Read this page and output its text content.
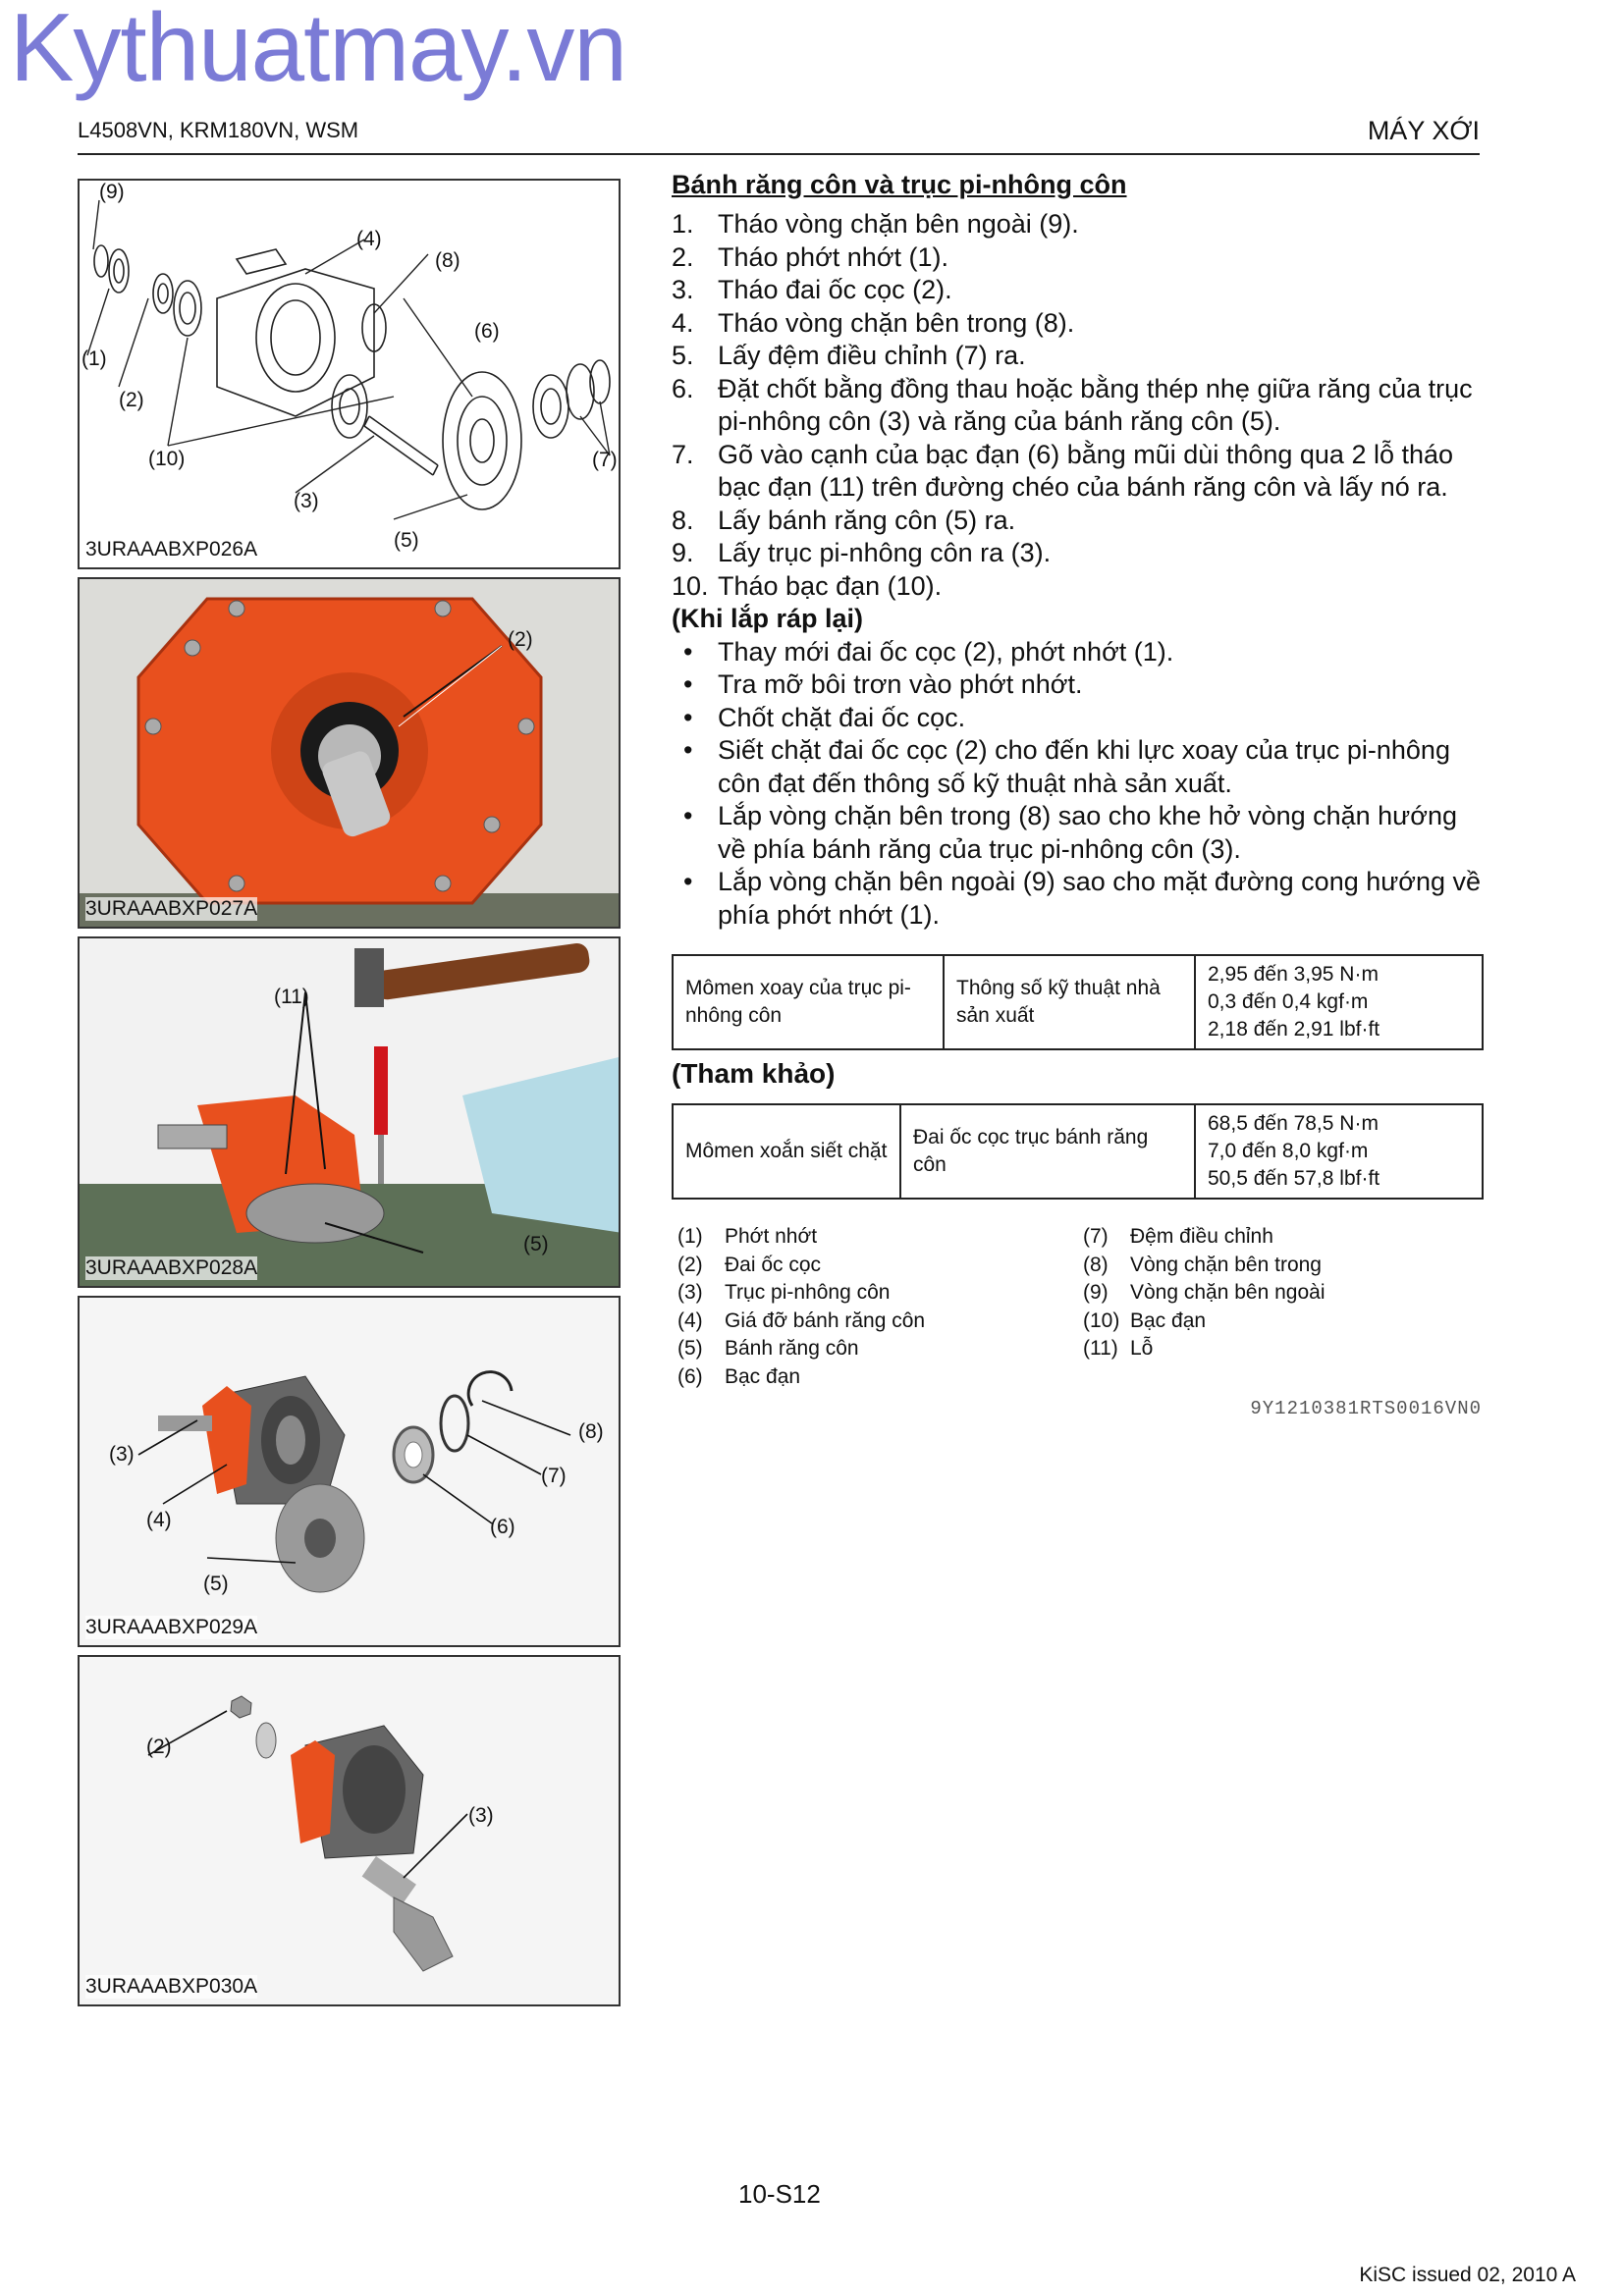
Kythuatmay.vn
L4508VN, KRM180VN, WSM	MÁY XỚI
(9)
(4)
(8)
(6)
(1)
(2)
(10)	(7)
(3)
(5)
3URAAABXP026A
(2)
3URAAABXP027A
(11)
(5)
3URAAABXP028A
(8)
(3)
(7)
(4)	(6)
(5)
3URAAABXP029A
(2)
(3)
3URAAABXP030A
Bánh răng côn và trục pi-nhông côn
1. Tháo vòng chặn bên ngoài (9).
2. Tháo phớt nhớt (1).
3. Tháo đai ốc cọc (2).
4. Tháo vòng chặn bên trong (8).
5. Lấy đệm điều chỉnh (7) ra.
6. Đặt chốt bằng đồng thau hoặc bằng thép nhẹ giữa răng của trục pi-nhông côn (3) và răng của bánh răng côn (5).
7. Gõ vào cạnh của bạc đạn (6) bằng mũi dùi thông qua 2 lỗ tháo bạc đạn (11) trên đường chéo của bánh răng côn và lấy nó ra.
8. Lấy bánh răng côn (5) ra.
9. Lấy trục pi-nhông côn ra (3).
10. Tháo bạc đạn (10).
(Khi lắp ráp lại)
• Thay mới đai ốc cọc (2), phớt nhớt (1).
• Tra mỡ bôi trơn vào phớt nhớt.
• Chốt chặt đai ốc cọc.
• Siết chặt đai ốc cọc (2) cho đến khi lực xoay của trục pi-nhông côn đạt đến thông số kỹ thuật nhà sản xuất.
• Lắp vòng chặn bên trong (8) sao cho khe hở vòng chặn hướng về phía bánh răng của trục pi-nhông côn (3).
• Lắp vòng chặn bên ngoài (9) sao cho mặt đường cong hướng về phía phớt nhớt (1).
Mômen xoay của trục pi-nhông côn	Thông số kỹ thuật nhà sản xuất	
2,95 đến 3,95 N·m
0,3 đến 0,4 kgf·m
2,18 đến 2,91 lbf·ft
(Tham khảo)
Mômen xoắn siết chặt	Đai ốc cọc trục bánh răng côn	
68,5 đến 78,5 N·m
7,0 đến 8,0 kgf·m
50,5 đến 57,8 lbf·ft
(1)	Phớt nhớt
(2)	Đai ốc cọc
(3)	Trục pi-nhông côn
(4)	Giá đỡ bánh răng côn
(5)	Bánh răng côn
(6)	Bạc đạn
(7)	Đệm điều chỉnh
(8)	Vòng chặn bên trong
(9)	Vòng chặn bên ngoài
(10) Bạc đạn
(11) Lỗ
9Y1210381RTS0016VN0
10-S12
KiSC issued 02, 2010 A
